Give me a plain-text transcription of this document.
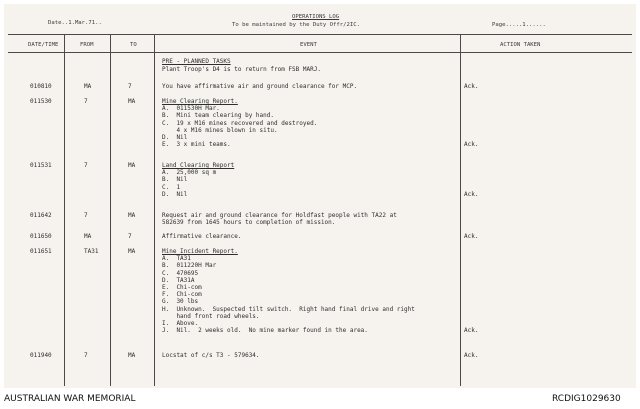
Date..1.Mar.71..
OPERATIONS LOG
To be maintained by the Duty Offr/2IC.	Page.....1......
DATE/TIME	FROM	TO	EVENT	ACTION TAKEN
PRE - PLANNED TASKS
Plant Troop's D4 is to return from FSB MARJ.
010810	MA	7	You have affirmative air and ground clearance for MCP.	Ack.
011530	7	MA	Mine Clearing Report.
A.  011530H Mar.
B.  Mini team clearing by hand.
C.  19 x M16 mines recovered and destroyed.
4 x M16 mines blown in situ.
D.  Nil
E.  3 x mini teams.	Ack.
011531	7	MA	Land Clearing Report
A.  25,000 sq m
B.  Nil
C.  1
D.  Nil	Ack.
011642	7	MA	Request air and ground clearance for Holdfast people with TA22 at
582639 from 1645 hours to completion of mission.
011650	MA	7	Affirmative clearance.	Ack.
011651	TA31	MA	Mine Incident Report.
A.  TA31
B.  011220H Mar
C.  470695
D.  TA31A
E.  Chi-com
F.  Chi-com
G.  30 lbs
H.  Unknown.  Suspected tilt switch.  Right hand final drive and right
hand front road wheels.
I.  Above.
J.  Nil.  2 weeks old.  No mine marker found in the area.	Ack.
011940	7	MA	Locstat of c/s T3 - 579634.	Ack.
AUSTRALIAN WAR MEMORIAL	RCDIG1029630
